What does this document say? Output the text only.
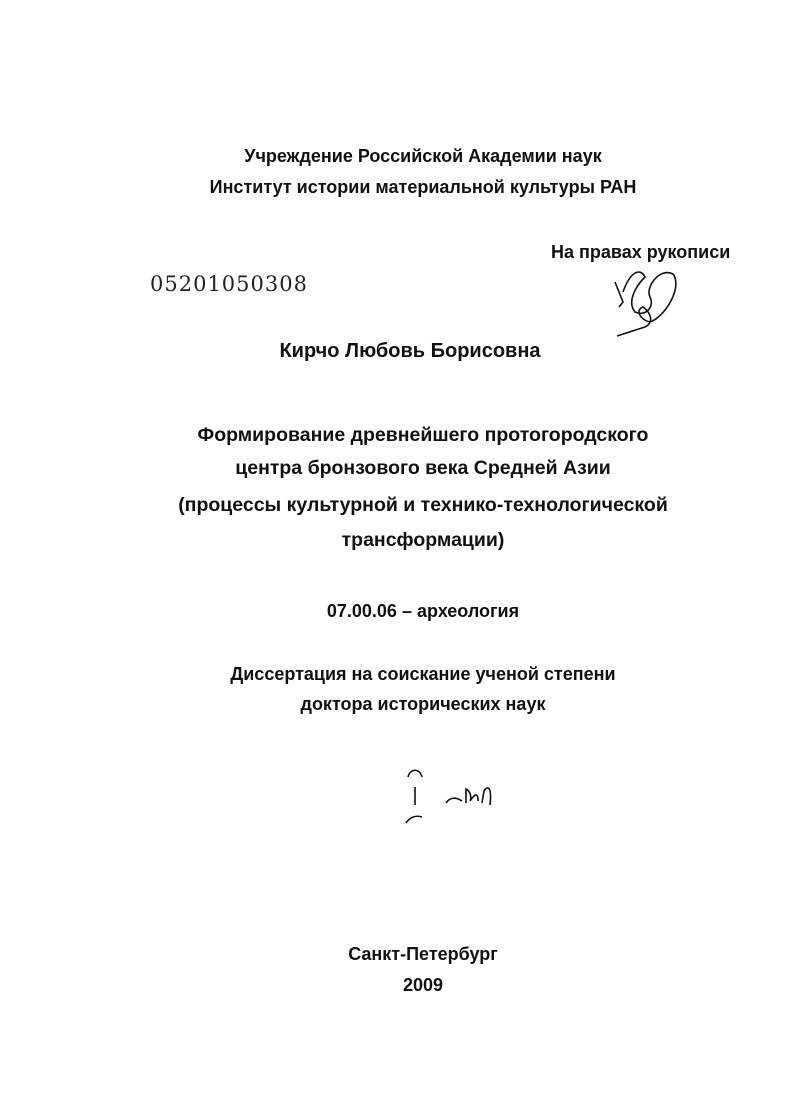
Учреждение Российской Академии наук
Институт истории материальной культуры РАН
На правах рукописи
05201050308
Кирчо Любовь Борисовна
Формирование древнейшего протогородского
центра бронзового века Средней Азии
(процессы культурной и технико-технологической
трансформации)
07.00.06 – археология
Диссертация на соискание ученой степени
доктора исторических наук
Санкт-Петербург
2009
